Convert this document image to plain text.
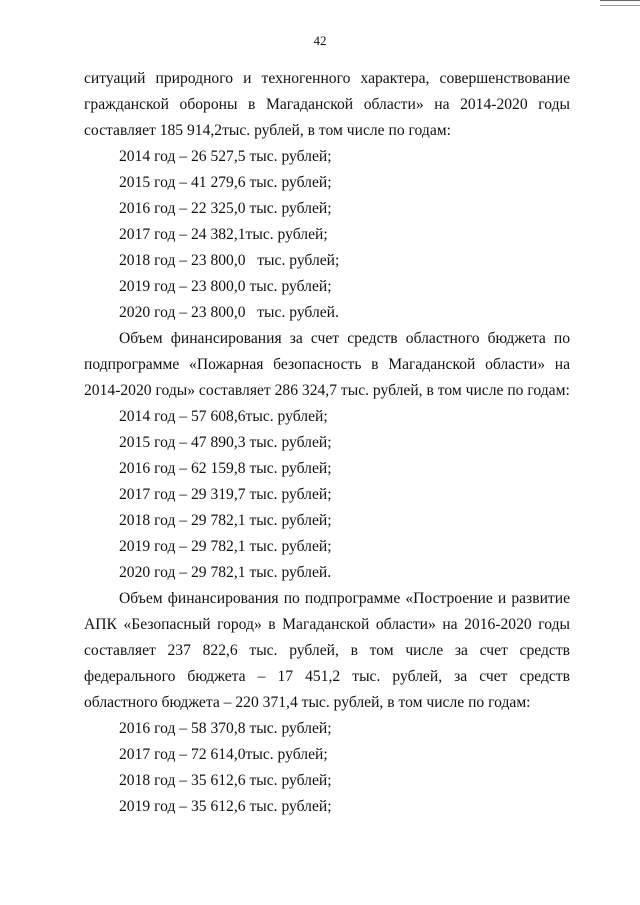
42

ситуаций природного и техногенного характера, совершенствование гражданской обороны в Магаданской области» на 2014-2020 годы составляет 185 914,2тыс. рублей, в том числе по годам:

2014 год – 26 527,5 тыс. рублей;
2015 год – 41 279,6 тыс. рублей;
2016 год – 22 325,0 тыс. рублей;
2017 год – 24 382,1тыс. рублей;
2018 год – 23 800,0   тыс. рублей;
2019 год – 23 800,0 тыс. рублей;
2020 год – 23 800,0   тыс. рублей.

Объем финансирования за счет средств областного бюджета по подпрограмме «Пожарная безопасность в Магаданской области» на 2014-2020 годы» составляет 286 324,7 тыс. рублей, в том числе по годам:

2014 год – 57 608,6тыс. рублей;
2015 год – 47 890,3 тыс. рублей;
2016 год – 62 159,8 тыс. рублей;
2017 год – 29 319,7 тыс. рублей;
2018 год – 29 782,1 тыс. рублей;
2019 год – 29 782,1 тыс. рублей;
2020 год – 29 782,1 тыс. рублей.

Объем финансирования по подпрограмме «Построение и развитие АПК «Безопасный город» в Магаданской области» на 2016-2020 годы составляет 237 822,6 тыс. рублей, в том числе за счет средств федерального бюджета – 17 451,2 тыс. рублей, за счет средств областного бюджета – 220 371,4 тыс. рублей, в том числе по годам:

2016 год – 58 370,8 тыс. рублей;
2017 год – 72 614,0тыс. рублей;
2018 год – 35 612,6 тыс. рублей;
2019 год – 35 612,6 тыс. рублей;
